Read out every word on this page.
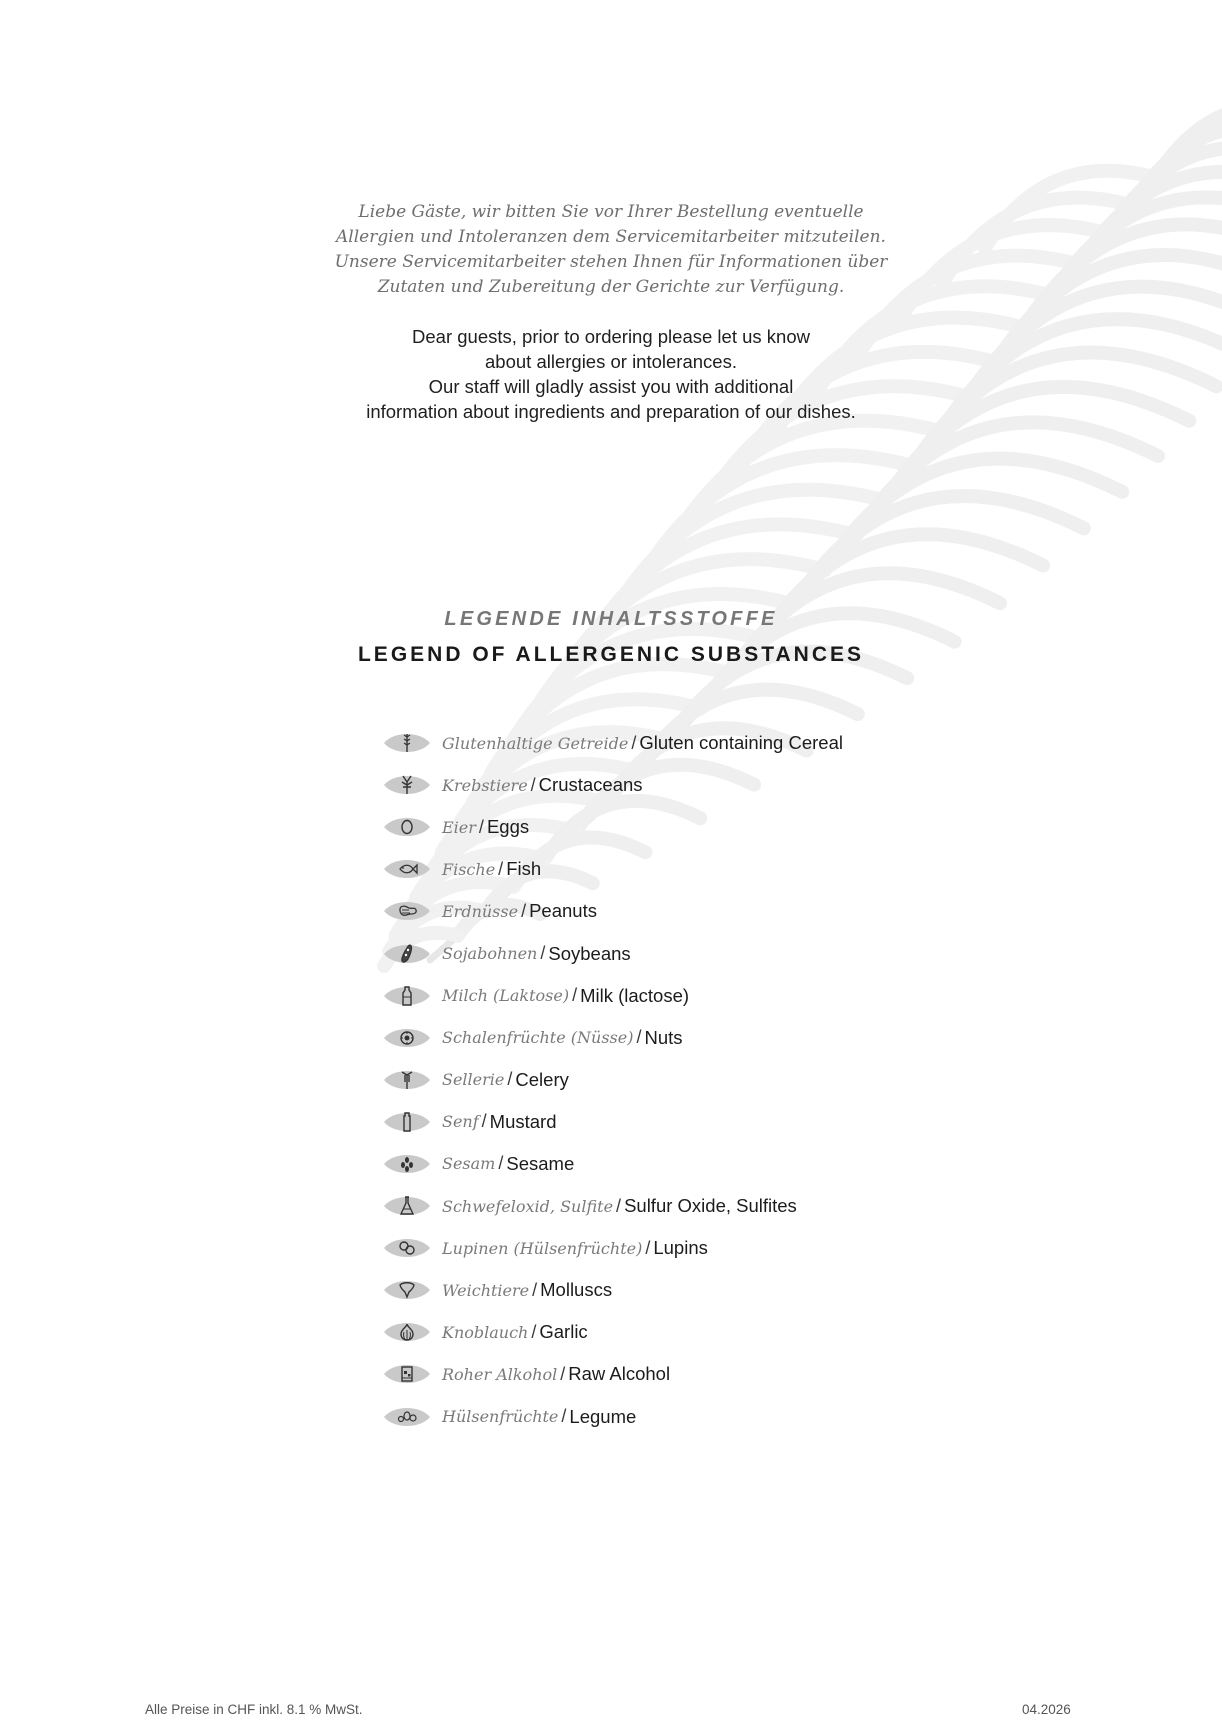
Liebe Gäste, wir bitten Sie vor Ihrer Bestellung eventuelle
Allergien und Intoleranzen dem Servicemitarbeiter mitzuteilen.
Unsere Servicemitarbeiter stehen Ihnen für Informationen über
Zutaten und Zubereitung der Gerichte zur Verfügung.
Dear guests, prior to ordering please let us know
about allergies or intolerances.
Our staff will gladly assist you with additional
information about ingredients and preparation of our dishes.
LEGENDE INHALTSSTOFFE
LEGEND OF ALLERGENIC SUBSTANCES
Glutenhaltige Getreide / Gluten containing Cereal
Krebstiere / Crustaceans
Eier / Eggs
Fische / Fish
Erdnüsse / Peanuts
Sojabohnen / Soybeans
Milch (Laktose) / Milk (lactose)
Schalenfrüchte (Nüsse) / Nuts
Sellerie / Celery
Senf / Mustard
Sesam / Sesame
Schwefeloxid, Sulfite / Sulfur Oxide, Sulfites
Lupinen (Hülsenfrüchte) / Lupins
Weichtiere / Molluscs
Knoblauch / Garlic
Roher Alkohol / Raw Alcohol
Hülsenfrüchte / Legume
Alle Preise in CHF inkl. 8.1 % MwSt.	04.2026
